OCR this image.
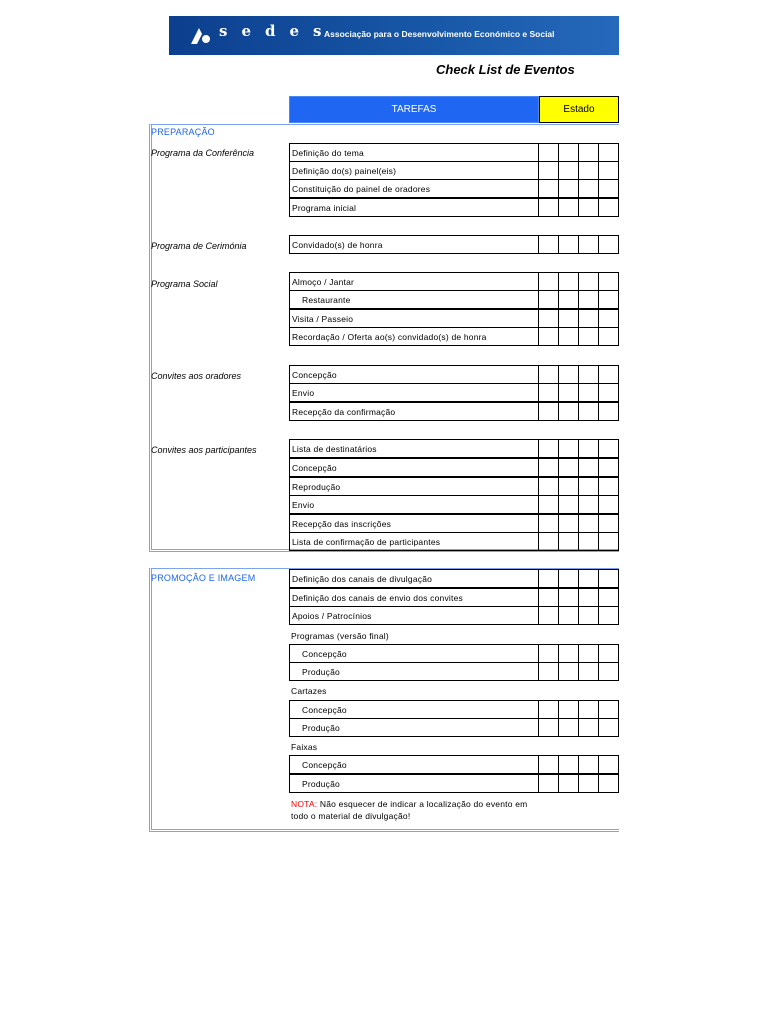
sedes
Associação para o Desenvolvimento Económico e Social
Check List de Eventos
TAREFAS	Estado
PREPARAÇÃO
Programa da Conferência
Programa de Cerimónia
Programa Social
Convites aos oradores
Convites aos participantes
Definição do tema
Definição do(s) painel(eis)
Constituição do painel de oradores
Programa inicial
Convidado(s) de honra
Almoço / Jantar
Restaurante
Visita / Passeio
Recordação / Oferta ao(s) convidado(s) de honra
Concepção
Envio
Recepção da confirmação
Lista de destinatários
Concepção
Reprodução
Envio
Recepção das inscrições
Lista de confirmação de participantes
PROMOÇÃO E IMAGEM	Definição dos canais de divulgação
Definição dos canais de envio dos convites
Apoios / Patrocínios
Programas (versão final)
Concepção
Produção
Cartazes
Concepção
Produção
Faixas
Concepção
Produção
NOTA: Não esquecer de indicar a localização do evento em todo o material de divulgação!
